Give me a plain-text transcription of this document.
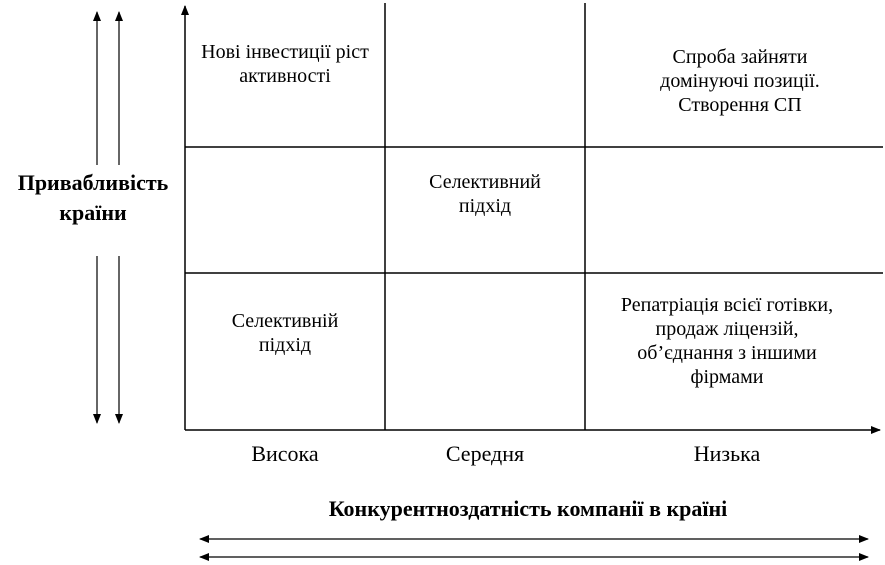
Привабливість
країни
Нові інвестиції ріст
активності
Спроба зайняти
домінуючі позиції.
Створення СП
Селективний
підхід
Селективній
підхід
Репатріація всієї готівки,
продаж ліцензій,
об’єднання з іншими
фірмами
Висока	Середня	Низька
Конкурентноздатність компанії в країні
